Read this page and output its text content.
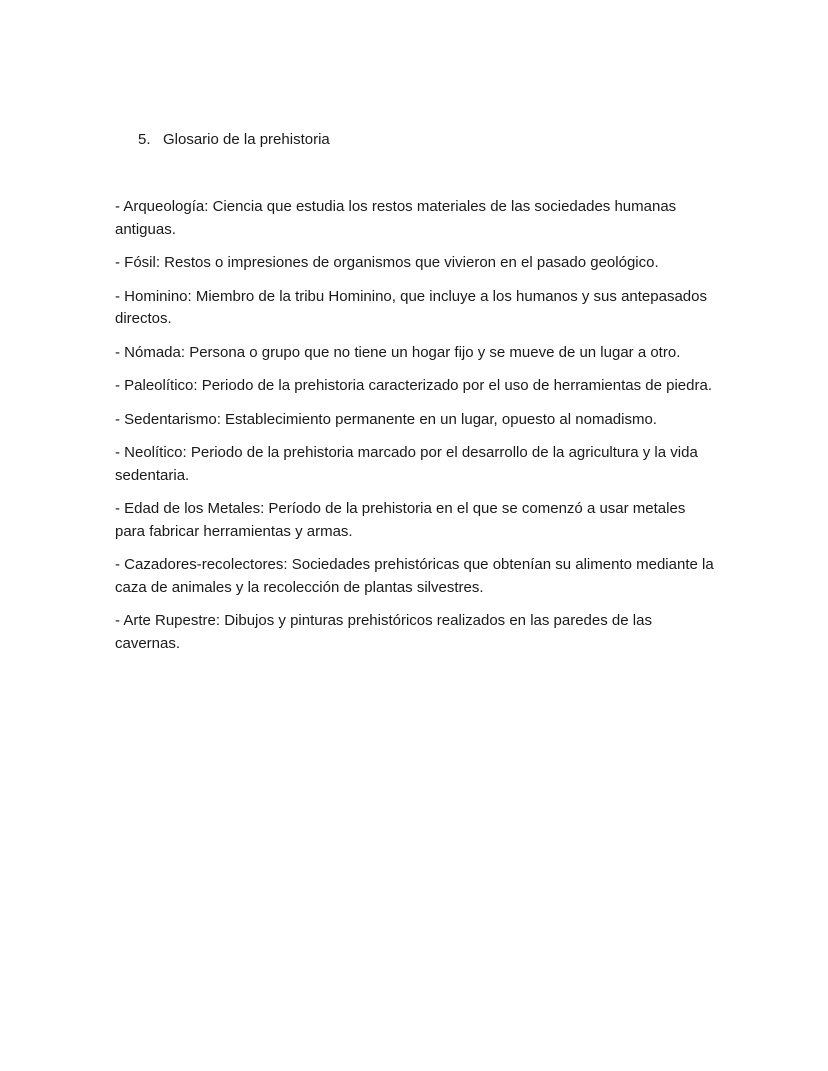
5. Glosario de la prehistoria
- Arqueología: Ciencia que estudia los restos materiales de las sociedades humanas antiguas.
- Fósil: Restos o impresiones de organismos que vivieron en el pasado geológico.
- Hominino: Miembro de la tribu Hominino, que incluye a los humanos y sus antepasados directos.
- Nómada: Persona o grupo que no tiene un hogar fijo y se mueve de un lugar a otro.
- Paleolítico: Periodo de la prehistoria caracterizado por el uso de herramientas de piedra.
- Sedentarismo: Establecimiento permanente en un lugar, opuesto al nomadismo.
- Neolítico: Periodo de la prehistoria marcado por el desarrollo de la agricultura y la vida sedentaria.
- Edad de los Metales: Período de la prehistoria en el que se comenzó a usar metales para fabricar herramientas y armas.
- Cazadores-recolectores: Sociedades prehistóricas que obtenían su alimento mediante la caza de animales y la recolección de plantas silvestres.
- Arte Rupestre: Dibujos y pinturas prehistóricos realizados en las paredes de las cavernas.
